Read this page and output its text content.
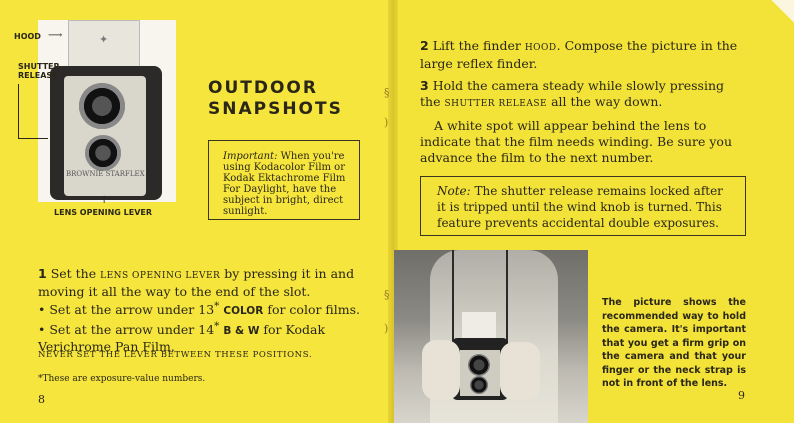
§
)
§
)
✦
BROWNIE STARFLEX
HOOD ⟶
SHUTTER
RELEASE
↑
LENS OPENING LEVER
OUTDOOR
SNAPSHOTS
Important: When you're using Kodacolor Film or Kodak Ektachrome Film For Daylight, have the subject in bright, direct sunlight.
1 Set the LENS OPENING LEVER by pressing it in and moving it all the way to the end of the slot.
• Set at the arrow under 13* COLOR for color films.
• Set at the arrow under 14* B & W for Kodak Verichrome Pan Film.
NEVER SET THE LEVER BETWEEN THESE POSITIONS.
*These are exposure-value numbers.
8
2 Lift the finder HOOD. Compose the picture in the large reflex finder.
3 Hold the camera steady while slowly pressing the SHUTTER RELEASE all the way down.
A white spot will appear behind the lens to indicate that the film needs winding. Be sure you advance the film to the next number.
Note: The shutter release remains locked after it is tripped until the wind knob is turned. This feature prevents accidental double exposures.
The picture shows the recommended way to hold the camera. It's important that you get a firm grip on the camera and that your finger or the neck strap is not in front of the lens.
9
